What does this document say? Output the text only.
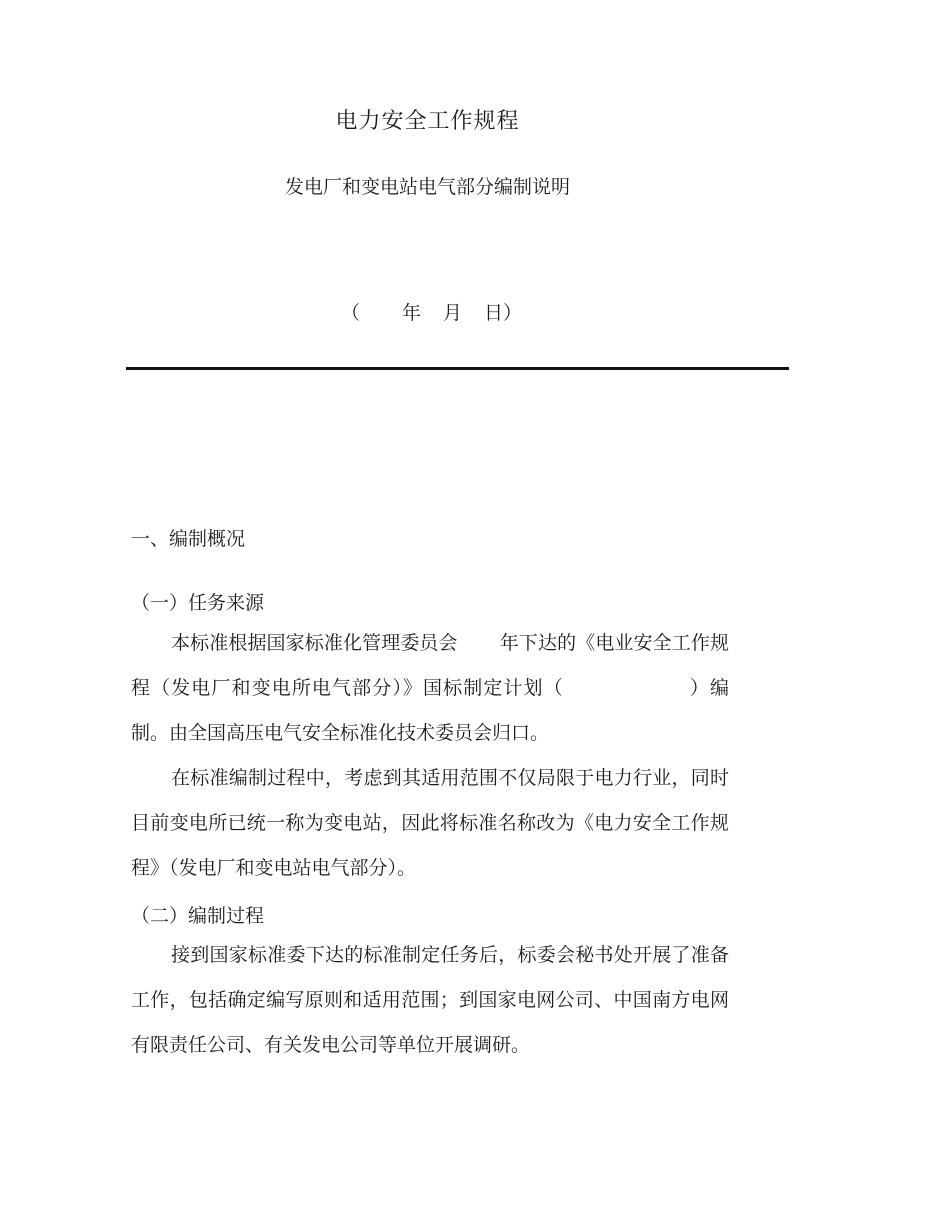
电力安全工作规程
发电厂和变电站电气部分编制说明
（ 年 月 日）
一、编制概况
（一）任务来源
本标准根据国家标准化管理委员会 年下达的《电业安全工作规程（发电厂和变电所电气部分）》国标制定计划（	）编制。由全国高压电气安全标准化技术委员会归口。
在标准编制过程中，考虑到其适用范围不仅局限于电力行业，同时目前变电所已统一称为变电站，因此将标准名称改为《电力安全工作规程》（发电厂和变电站电气部分）。
（二）编制过程
接到国家标准委下达的标准制定任务后，标委会秘书处开展了准备工作，包括确定编写原则和适用范围；到国家电网公司、中国南方电网有限责任公司、有关发电公司等单位开展调研。
